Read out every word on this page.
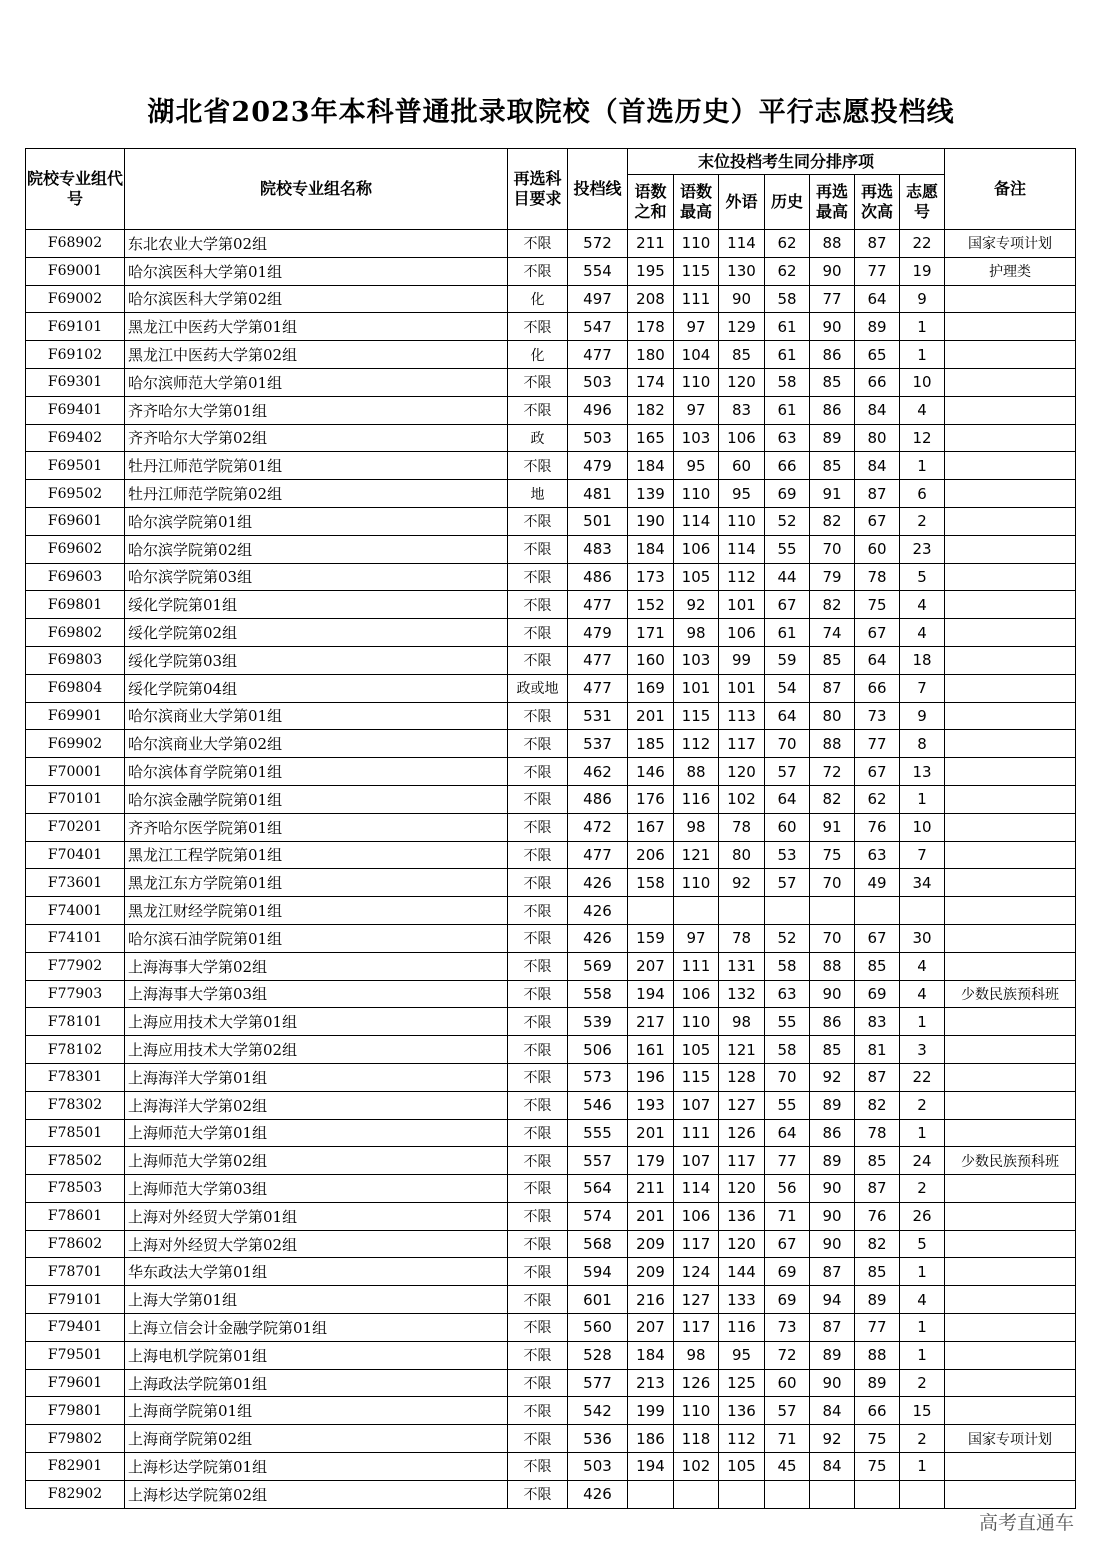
湖北省2023年本科普通批录取院校（首选历史）平行志愿投档线
院校专业组代号	院校专业组名称	再选科目要求	投档线	末位投档考生同分排序项							备注
				语数之和	语数最高	外语	历史	再选最高	再选次高	志愿号	
F68902	东北农业大学第02组	不限	572	211	110	114	62	88	87	22	国家专项计划
F69001	哈尔滨医科大学第01组	不限	554	195	115	130	62	90	77	19	护理类
F69002	哈尔滨医科大学第02组	化	497	208	111	90	58	77	64	9	
F69101	黑龙江中医药大学第01组	不限	547	178	97	129	61	90	89	1	
F69102	黑龙江中医药大学第02组	化	477	180	104	85	61	86	65	1	
F69301	哈尔滨师范大学第01组	不限	503	174	110	120	58	85	66	10	
F69401	齐齐哈尔大学第01组	不限	496	182	97	83	61	86	84	4	
F69402	齐齐哈尔大学第02组	政	503	165	103	106	63	89	80	12	
F69501	牡丹江师范学院第01组	不限	479	184	95	60	66	85	84	1	
F69502	牡丹江师范学院第02组	地	481	139	110	95	69	91	87	6	
F69601	哈尔滨学院第01组	不限	501	190	114	110	52	82	67	2	
F69602	哈尔滨学院第02组	不限	483	184	106	114	55	70	60	23	
F69603	哈尔滨学院第03组	不限	486	173	105	112	44	79	78	5	
F69801	绥化学院第01组	不限	477	152	92	101	67	82	75	4	
F69802	绥化学院第02组	不限	479	171	98	106	61	74	67	4	
F69803	绥化学院第03组	不限	477	160	103	99	59	85	64	18	
F69804	绥化学院第04组	政或地	477	169	101	101	54	87	66	7	
F69901	哈尔滨商业大学第01组	不限	531	201	115	113	64	80	73	9	
F69902	哈尔滨商业大学第02组	不限	537	185	112	117	70	88	77	8	
F70001	哈尔滨体育学院第01组	不限	462	146	88	120	57	72	67	13	
F70101	哈尔滨金融学院第01组	不限	486	176	116	102	64	82	62	1	
F70201	齐齐哈尔医学院第01组	不限	472	167	98	78	60	91	76	10	
F70401	黑龙江工程学院第01组	不限	477	206	121	80	53	75	63	7	
F73601	黑龙江东方学院第01组	不限	426	158	110	92	57	70	49	34	
F74001	黑龙江财经学院第01组	不限	426								
F74101	哈尔滨石油学院第01组	不限	426	159	97	78	52	70	67	30	
F77902	上海海事大学第02组	不限	569	207	111	131	58	88	85	4	
F77903	上海海事大学第03组	不限	558	194	106	132	63	90	69	4	少数民族预科班
F78101	上海应用技术大学第01组	不限	539	217	110	98	55	86	83	1	
F78102	上海应用技术大学第02组	不限	506	161	105	121	58	85	81	3	
F78301	上海海洋大学第01组	不限	573	196	115	128	70	92	87	22	
F78302	上海海洋大学第02组	不限	546	193	107	127	55	89	82	2	
F78501	上海师范大学第01组	不限	555	201	111	126	64	86	78	1	
F78502	上海师范大学第02组	不限	557	179	107	117	77	89	85	24	少数民族预科班
F78503	上海师范大学第03组	不限	564	211	114	120	56	90	87	2	
F78601	上海对外经贸大学第01组	不限	574	201	106	136	71	90	76	26	
F78602	上海对外经贸大学第02组	不限	568	209	117	120	67	90	82	5	
F78701	华东政法大学第01组	不限	594	209	124	144	69	87	85	1	
F79101	上海大学第01组	不限	601	216	127	133	69	94	89	4	
F79401	上海立信会计金融学院第01组	不限	560	207	117	116	73	87	77	1	
F79501	上海电机学院第01组	不限	528	184	98	95	72	89	88	1	
F79601	上海政法学院第01组	不限	577	213	126	125	60	90	89	2	
F79801	上海商学院第01组	不限	542	199	110	136	57	84	66	15	
F79802	上海商学院第02组	不限	536	186	118	112	71	92	75	2	国家专项计划
F82901	上海杉达学院第01组	不限	503	194	102	105	45	84	75	1	
F82902	上海杉达学院第02组	不限	426								
高考直通车
